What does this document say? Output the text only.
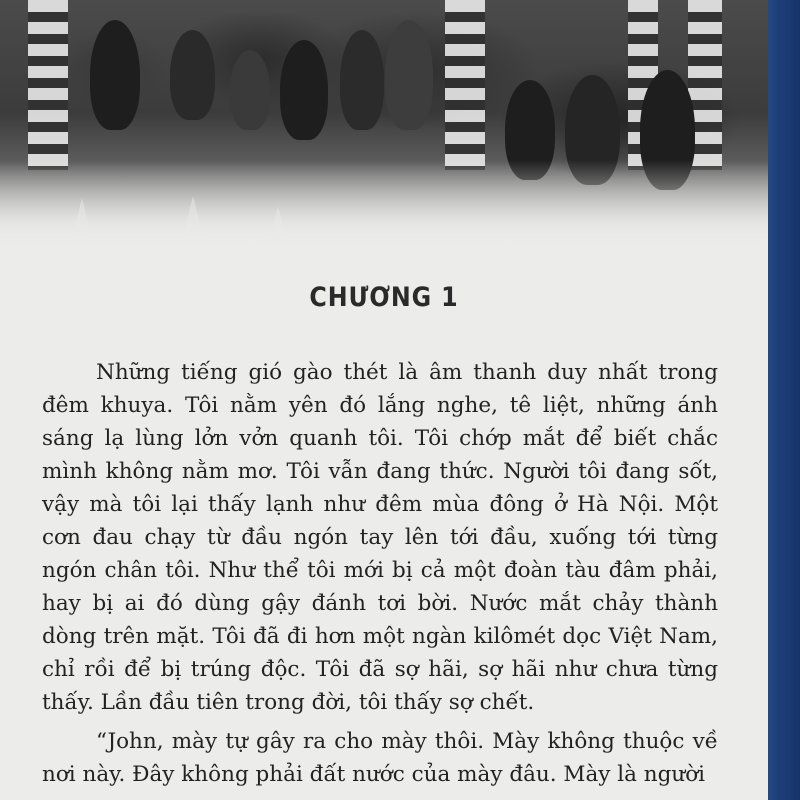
CHƯƠNG 1

Những tiếng gió gào thét là âm thanh duy nhất trong đêm khuya. Tôi nằm yên đó lắng nghe, tê liệt, những ánh sáng lạ lùng lởn vởn quanh tôi. Tôi chớp mắt để biết chắc mình không nằm mơ. Tôi vẫn đang thức. Người tôi đang sốt, vậy mà tôi lại thấy lạnh như đêm mùa đông ở Hà Nội. Một cơn đau chạy từ đầu ngón tay lên tới đầu, xuống tới từng ngón chân tôi. Như thể tôi mới bị cả một đoàn tàu đâm phải, hay bị ai đó dùng gậy đánh tơi bời. Nước mắt chảy thành dòng trên mặt. Tôi đã đi hơn một ngàn kilômét dọc Việt Nam, chỉ rồi để bị trúng độc. Tôi đã sợ hãi, sợ hãi như chưa từng thấy. Lần đầu tiên trong đời, tôi thấy sợ chết.

“John, mày tự gây ra cho mày thôi. Mày không thuộc về nơi này. Đây không phải đất nước của mày đâu. Mày là người
